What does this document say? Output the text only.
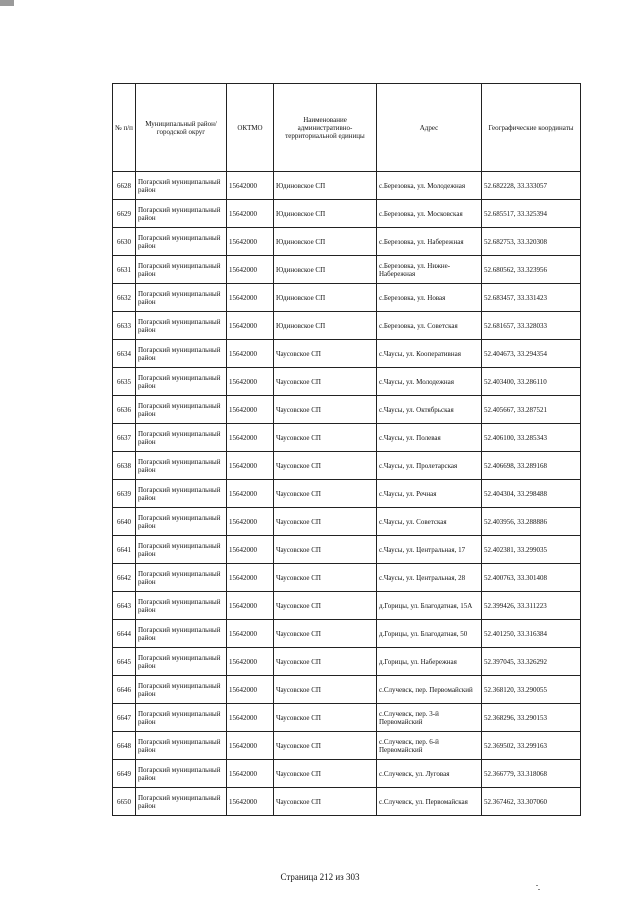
№ п/п	Муниципальный район/городской округ	ОКТМО	Наименование административно-территориальной единицы	Адрес	Географические координаты
6628	Погарский муниципальный район	15642000	Юдиновское СП	с.Березовка, ул. Молодежная	52.682228, 33.333057
6629	Погарский муниципальный район	15642000	Юдиновское СП	с.Березовка, ул. Московская	52.685517, 33.325394
6630	Погарский муниципальный район	15642000	Юдиновское СП	с.Березовка, ул. Набережная	52.682753, 33.320308
6631	Погарский муниципальный район	15642000	Юдиновское СП	с.Березовка, ул. Нижне-Набережная	52.680562, 33.323956
6632	Погарский муниципальный район	15642000	Юдиновское СП	с.Березовка, ул. Новая	52.683457, 33.331423
6633	Погарский муниципальный район	15642000	Юдиновское СП	с.Березовка, ул. Советская	52.681657, 33.328033
6634	Погарский муниципальный район	15642000	Чаусовское СП	с.Чаусы, ул. Кооперативная	52.404673, 33.294354
6635	Погарский муниципальный район	15642000	Чаусовское СП	с.Чаусы, ул. Молодежная	52.403400, 33.286110
6636	Погарский муниципальный район	15642000	Чаусовское СП	с.Чаусы, ул. Октябрьская	52.405667, 33.287521
6637	Погарский муниципальный район	15642000	Чаусовское СП	с.Чаусы, ул. Полевая	52.406100, 33.285343
6638	Погарский муниципальный район	15642000	Чаусовское СП	с.Чаусы, ул. Пролетарская	52.406698, 33.289168
6639	Погарский муниципальный район	15642000	Чаусовское СП	с.Чаусы, ул. Речная	52.404304, 33.298488
6640	Погарский муниципальный район	15642000	Чаусовское СП	с.Чаусы, ул. Советская	52.403956, 33.288886
6641	Погарский муниципальный район	15642000	Чаусовское СП	с.Чаусы, ул. Центральная, 17	52.402381, 33.299035
6642	Погарский муниципальный район	15642000	Чаусовское СП	с.Чаусы, ул. Центральная, 28	52.400763, 33.301408
6643	Погарский муниципальный район	15642000	Чаусовское СП	д.Горицы, ул. Благодатная, 15А	52.399426, 33.311223
6644	Погарский муниципальный район	15642000	Чаусовское СП	д.Горицы, ул. Благодатная, 50	52.401250, 33.316384
6645	Погарский муниципальный район	15642000	Чаусовское СП	д.Горицы, ул. Набережная	52.397045, 33.326292
6646	Погарский муниципальный район	15642000	Чаусовское СП	с.Случевск, пер. Первомайский	52.368120, 33.290055
6647	Погарский муниципальный район	15642000	Чаусовское СП	с.Случевск, пер. 3-й Первомайский	52.368296, 33.290153
6648	Погарский муниципальный район	15642000	Чаусовское СП	с.Случевск, пер. 6-й Первомайский	52.369502, 33.299163
6649	Погарский муниципальный район	15642000	Чаусовское СП	с.Случевск, ул. Луговая	52.366779, 33.318068
6650	Погарский муниципальный район	15642000	Чаусовское СП	с.Случевск, ул. Первомайская	52.367462, 33.307060
Страница 212 из 303
